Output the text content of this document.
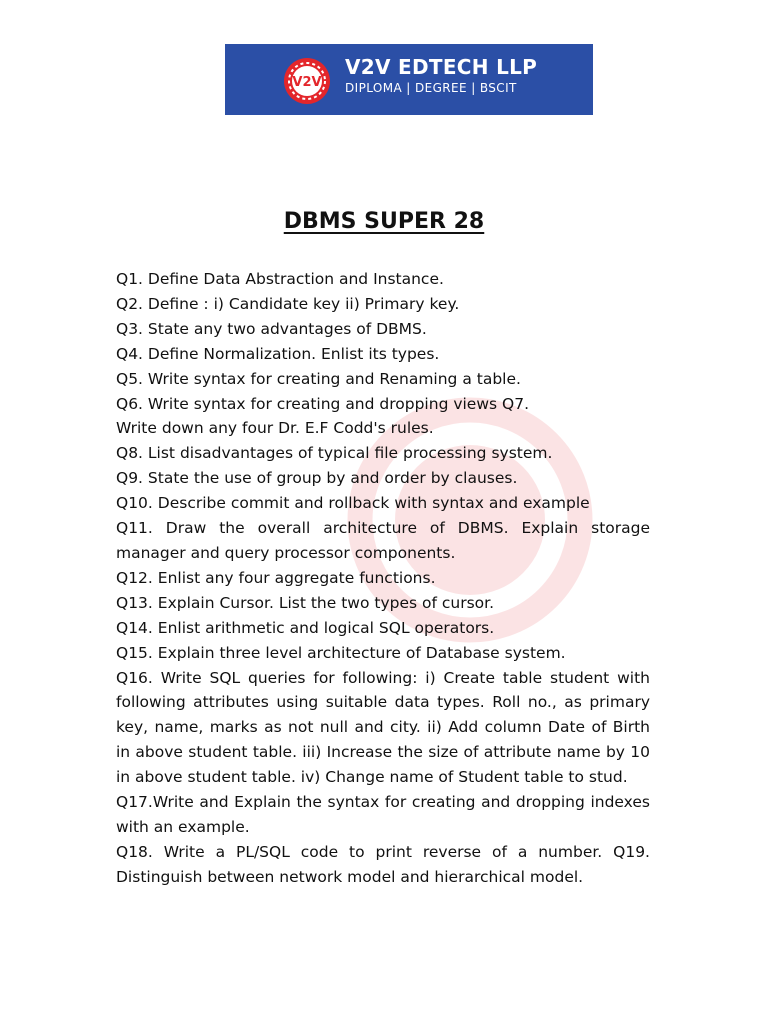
V2V
V2V EDTECH LLP
DIPLOMA | DEGREE | BSCIT
DBMS SUPER 28
Q1. Define Data Abstraction and Instance.
Q2. Define : i) Candidate key ii) Primary key.
Q3. State any two advantages of DBMS.
Q4. Define Normalization. Enlist its types.
Q5. Write syntax for creating and Renaming a table.
Q6. Write syntax for creating and dropping views Q7. Write down any four Dr. E.F Codd's rules.
Q8. List disadvantages of typical file processing system.
Q9. State the use of group by and order by clauses.
Q10. Describe commit and rollback with syntax and example
Q11. Draw the overall architecture of DBMS. Explain storage manager and query processor components.
Q12. Enlist any four aggregate functions.
Q13. Explain Cursor. List the two types of cursor.
Q14. Enlist arithmetic and logical SQL operators.
Q15. Explain three level architecture of Database system.
Q16. Write SQL queries for following: i) Create table student with following attributes using suitable data types. Roll no., as primary key, name, marks as not null and city. ii) Add column Date of Birth in above student table. iii) Increase the size of attribute name by 10 in above student table. iv) Change name of Student table to stud.
Q17.Write and Explain the syntax for creating and dropping indexes with an example.
Q18. Write a PL/SQL code to print reverse of a number. Q19. Distinguish between network model and hierarchical model.
